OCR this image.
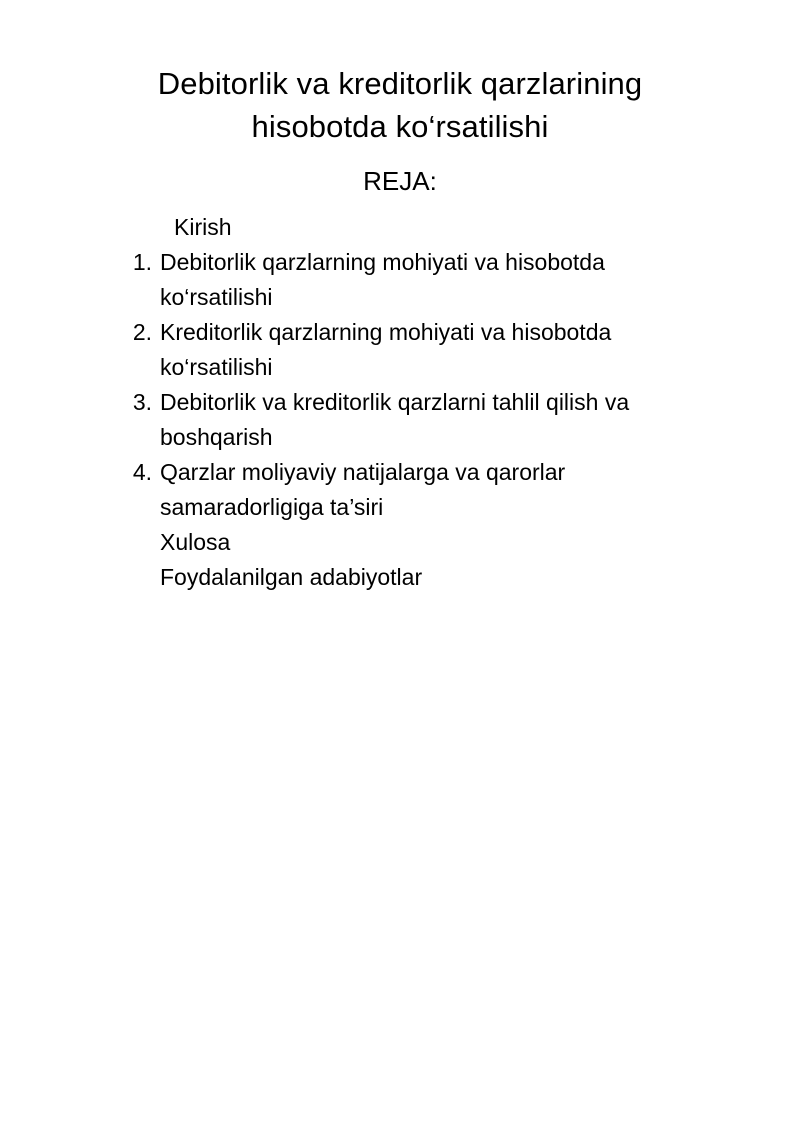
Debitorlik va kreditorlik qarzlarining hisobotda ko‘rsatilishi
REJA:
Kirish
1. Debitorlik qarzlarning mohiyati va hisobotda ko‘rsatilishi
2. Kreditorlik qarzlarning mohiyati va hisobotda ko‘rsatilishi
3. Debitorlik va kreditorlik qarzlarni tahlil qilish va boshqarish
4. Qarzlar moliyaviy natijalarga va qarorlar samaradorligiga ta’siri
Xulosa
Foydalanilgan adabiyotlar
